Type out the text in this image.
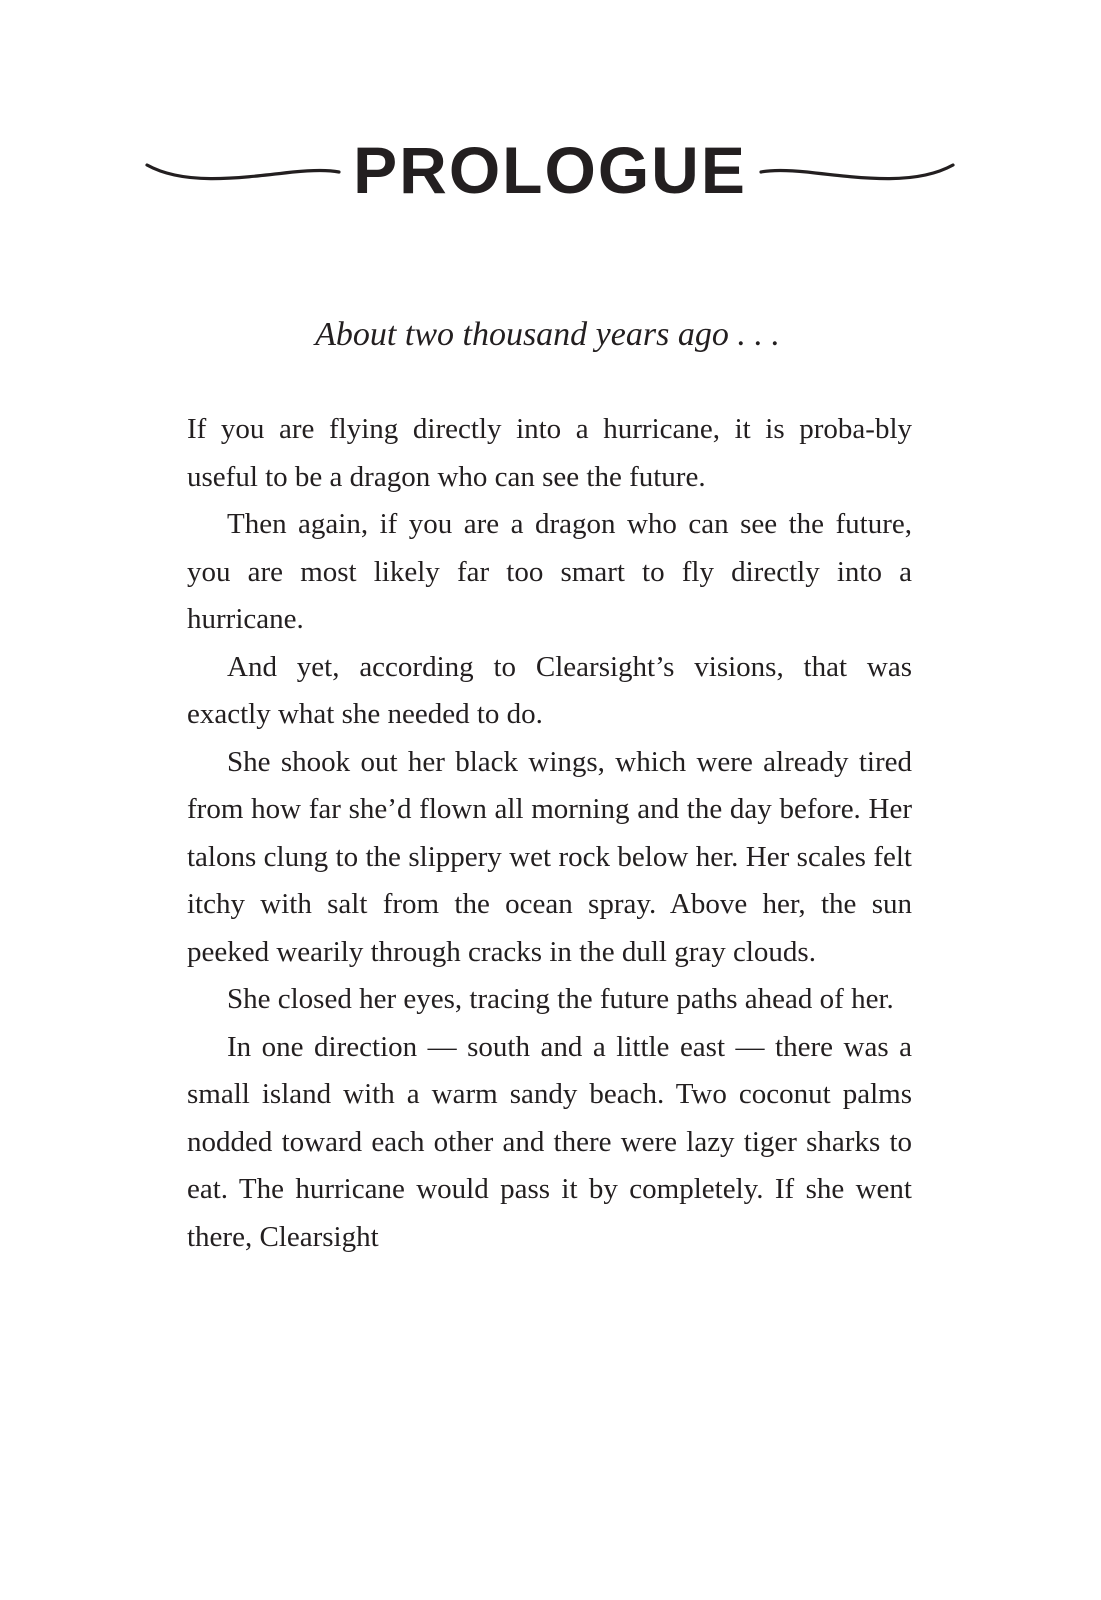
PROLOGUE

About two thousand years ago . . .

If you are flying directly into a hurricane, it is proba-bly useful to be a dragon who can see the future.

Then again, if you are a dragon who can see the future, you are most likely far too smart to fly directly into a hurricane.

And yet, according to Clearsight’s visions, that was exactly what she needed to do.

She shook out her black wings, which were already tired from how far she’d flown all morning and the day before. Her talons clung to the slippery wet rock below her. Her scales felt itchy with salt from the ocean spray. Above her, the sun peeked wearily through cracks in the dull gray clouds.

She closed her eyes, tracing the future paths ahead of her.

In one direction — south and a little east — there was a small island with a warm sandy beach. Two coconut palms nodded toward each other and there were lazy tiger sharks to eat. The hurricane would pass it by completely. If she went there, Clearsight
